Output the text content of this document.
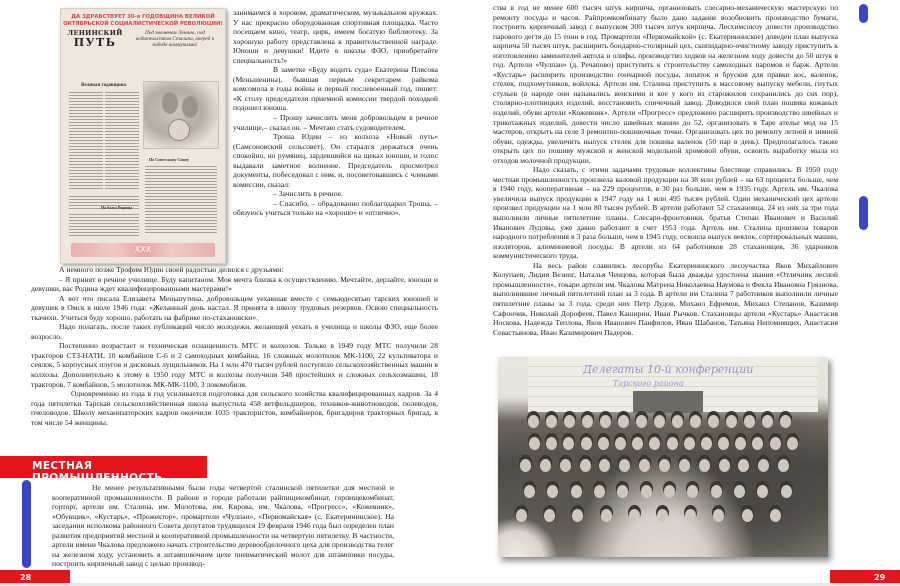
ДА ЗДРАВСТВУЕТ 30-я ГОДОВЩИНА ВЕЛИКОЙ
ОКТЯБРЬСКОЙ СОЦИАЛИСТИЧЕСКОЙ РЕВОЛЮЦИИ!
ЛЕНИНСКИЙ
ПУТЬ
Под знаменем Ленина, под водительством Сталина, вперед к победе коммунизма!
Великая годовщина
По Советскому Союзу
На благо Родины
XXX

занимаемся в хоровом, драматическом, музыкальном кружках. У нас прекрасно оборудованная спортивная площадка. Часто посещаем кино, театр, цирк, имеем богатую библиотеку. За хорошую работу представлена к правительственной награде. Юноши и девушки! Идите в школы ФЗО, приобретайте специальность!»

В заметке «Буду водить суда» Екатерина Плясова (Меньшенина), бывшая первым секретарем райкома комсомола в годы войны и первый послевоенный год, пишет: «К столу председателя приемной комиссии твердой походкой подошел юноша.

– Прошу зачислить меня добровольцем в речное училище,– сказал он. – Мечтаю стать судоводителем.

Троша Юдин – из колхоза «Новый путь» (Самсоновский сельсовет). Он старался держаться очень спокойно, но румянец, зардевшийся на щеках юноши, и голос выдавали заметное волнение. Председатель просмотрел документы, побеседовал с ним, и, посоветовавшись с членами комиссии, сказал:

– Зачислить в речное.

– Спасибо, – обрадованно поблагодарил Троша, – обязуюсь учиться только на «хорошо» и «отлично».

А немного позже Трофим Юдин своей радостью делился с друзьями:

– Я принят в речное училище. Буду капитаном. Моя мечта близка к осуществлению. Мечтайте, дерзайте, юноши и девушки, вас Родина ждет квалифицированными мастерами!»

А вот что писала Елизавета Меньшутина, добровольцем уехавшая вместе с семьюдесятью тарских юношей и девушек в Омск в июле 1946 года: «Желанный день настал. Я принята в школу трудовых резервов. Освою специальность ткачихи. Учиться буду хорошо, работать на фабрике по-стахановски».

Надо полагать, после таких публикаций число молодежи, желающей уехать в училища и школы ФЗО, еще более возросло.

Постепенно возрастает и техническая оснащенность МТС и колхозов. Только в 1949 году МТС получили 28 тракторов СТЗ-НАТИ, 10 комбайнов С-6 и 2 самоходных комбайна, 16 сложных молотилок МК-1100, 22 культиватора и сеялок, 5 корпусных плугов и дисковых лущильников. На 1 млн 470 тысяч рублей поступило сельскохозяйственных машин в колхозы. Дополнительно к этому в 1950 году МТС и колхозы получили 348 простейших и сложных сельхозмашин, 18 тракторов, 7 комбайнов, 5 молотилок МК-МК-1100, 3 локомобиля.

Одновременно из года в год усиливается подготовка для сельского хозяйства квалифицированных кадров. За 4 года пятилетки Тарская сельскохозяйственная школа выпустила 458 ветфельдшеров, техников-животноводов, полеводов, пчеловодов. Школу механизаторских кадров окончили 1035 трактористов, комбайнеров, бригадиров тракторных бригад, в том числе 54 женщины.

МЕСТНАЯ ПРОМЫШЛЕННОСТЬ

Не менее результативными были годы четвертой сталинской пятилетки для местной и кооперативной промышленности. В районе и городе работали райпищекомбинат, горпищекомбинат, горторг, артели им. Сталина, им. Молотова, им. Кирова, им. Чкалова, «Прогресс», «Кожевник», «Обувщик», «Кустарь», «Прожектор», промартели «Чулпан», «Первомайская» (с. Екатерининское). На заседании исполкома районного Совета депутатов трудящихся 19 февраля 1946 года был определен план развития предприятий местной и кооперативной промышленности на четвертую пятилетку. В частности, артели имени Чкалова предложено начать строительство деревообделочного цеха для производства телег на железном ходу, установить в штамповочном цехе пневматический молот для штамповки посуды, построить кирпичный завод с целью производ-

28

ства в год не менее 600 тысяч штук кирпича, организовать слесарно-механическую мастерскую по ремонту посуды и часов. Райпромкомбинату было дано задание возобновить производство бумаги, построить кирпичный завод с выпуском 300 тысяч штук кирпича. Лесхимсоюзу довести производство парового дегтя до 15 тонн в год. Промартели «Первомайской» (с. Екатерининское) доведен план выпуска кирпича 50 тысяч штук, расширить бондарно-столярный цех, скипидарно-очистному заводу приступить к изготовлению заменителей автола и олифы, производство ходков на железном ходу довести до 50 штук в год. Артели «Чулпан» (д. Речапово) приступить к строительству самоходных паромов и барж. Артели «Кустарь» расширить производство гончарной посуды, лопаток и брусков для правки кос, валенок, стелек, подхомутников, войлока. Артели им. Сталина приступить к массовому выпуску мебели, гнутых стульев (в народе они назывались венскими и кое у кого из старожилов сохранились до сих пор), столярно-плотницких изделий, восстановить спичечный завод. Доводился свой план пошива кожаных изделий, обуви артели «Кожевник». Артели «Прогресс» предложено расширить производство швейных и трикотажных изделий, довести число швейных машин до 52, организовать в Таре ателье мод на 15 мастеров, открыть на селе 3 ремонтно-пошивочные точки. Организовать цех по ремонту летней и зимней обуви, одежды, увеличить выпуск стелек для пошива валенок (50 пар в день). Предполагалось также открыть цех по пошиву мужской и женской модельной хромовой обуви, освоить выработку мыла из отходов молочной продукции.

Надо сказать, с этими задачами трудовые коллективы блестяще справились. В 1950 году местная промышленность произвела валовой продукции на 38 млн рублей – на 63 процента больше, чем в 1940 году, кооперативная – на 229 процентов, в 30 раз больше, чем в 1935 году. Артель им. Чкалова увеличила выпуск продукции к 1947 году на 1 млн 495 тысяч рублей. Один механический цех артели произвел продукции на 1 млн 80 тысяч рублей. В артели работают 52 стахановца, 24 из них за три года выполнили личные пятилетние планы. Слесари-фронтовики, братья Степан Иванович и Василий Иванович Лудовы, уже давно работают в счет 1953 года. Артель им. Сталина произвела товаров народного потребления в 3 раза больше, чем в 1945 году, освоила выпуск веялок, сортировальных машин, изоляторов, алюминиевой посуды. В артели из 64 работников 28 стахановцев, 36 ударников коммунистического труда.

На весь район славились лесорубы Екатерининского лесоучастка Яков Михайлович Колупаев, Лидия Везинг, Наталья Ченцова, которая была дважды удостоена звания «Отличник лесной промышленности», токари артели им. Чкалова Матрена Николаевна Наумова и Фекла Ивановна Грязнова, выполнившие личный пятилетний план за 3 года. В артели им Сталина 7 работников выполнили личные пятилетние планы за 3 года, среди них Петр Лудов, Михаил Ефремов, Михаил Степанов, Казимир Сафончик, Николай Дорофеев, Павел Каширин, Иван Рычков. Стахановцы артели «Кустарь» Анастасия Носкова, Надежда Теплова, Яков Иванович Панфилов, Иван Шабанов, Татьяна Непомнящих, Анастасия Севастьянова, Иван Казимирович Падеров.

Делегаты 10-й конференции
Тарского района
29
